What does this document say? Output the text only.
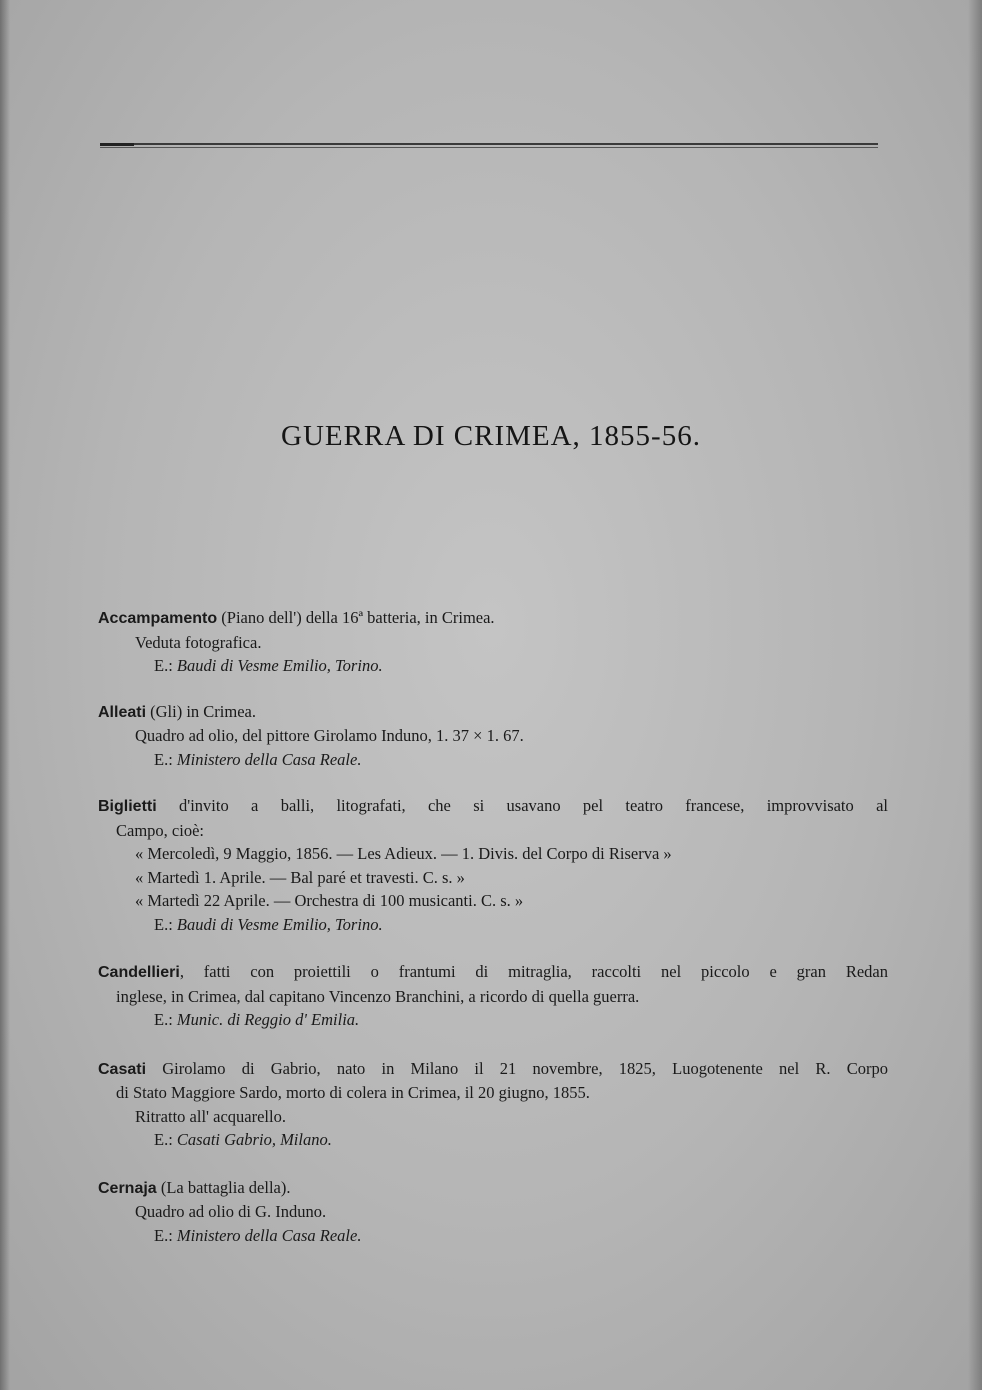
GUERRA DI CRIMEA, 1855-56.
Accampamento (Piano dell') della 16ª batteria, in Crimea.
Veduta fotografica.
E.: Baudi di Vesme Emilio, Torino.
Alleati (Gli) in Crimea.
Quadro ad olio, del pittore Girolamo Induno, 1. 37 × 1. 67.
E.: Ministero della Casa Reale.
Biglietti d'invito a balli, litografati, che si usavano pel teatro francese, improvvisato al
Campo, cioè:
« Mercoledì, 9 Maggio, 1856. — Les Adieux. — 1. Divis. del Corpo di Riserva »
« Martedì 1. Aprile. — Bal paré et travesti. C. s. »
« Martedì 22 Aprile. — Orchestra di 100 musicanti. C. s. »
E.: Baudi di Vesme Emilio, Torino.
Candellieri, fatti con proiettili o frantumi di mitraglia, raccolti nel piccolo e gran Redan
inglese, in Crimea, dal capitano Vincenzo Branchini, a ricordo di quella guerra.
E.: Munic. di Reggio d' Emilia.
Casati Girolamo di Gabrio, nato in Milano il 21 novembre, 1825, Luogotenente nel R. Corpo
di Stato Maggiore Sardo, morto di colera in Crimea, il 20 giugno, 1855.
Ritratto all' acquarello.
E.: Casati Gabrio, Milano.
Cernaja (La battaglia della).
Quadro ad olio di G. Induno.
E.: Ministero della Casa Reale.
